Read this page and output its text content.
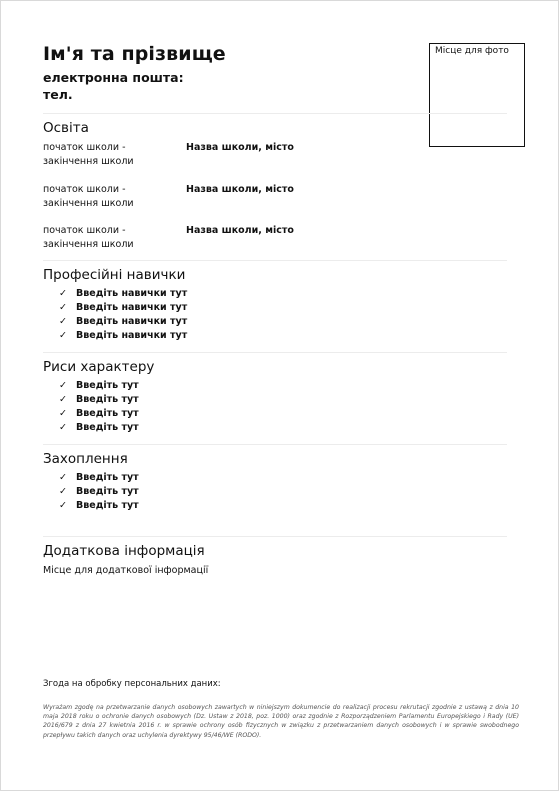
Ім'я та прізвище
електронна пошта:
тел.
Місце для фото
Освіта
початок школи -
закінчення школи
Назва школи, місто
початок школи -
закінчення школи
Назва школи, місто
початок школи -
закінчення школи
Назва школи, місто
Професійні навички
✓ Введіть навички тут
✓ Введіть навички тут
✓ Введіть навички тут
✓ Введіть навички тут
Риси характеру
✓ Введіть тут
✓ Введіть тут
✓ Введіть тут
✓ Введіть тут
Захоплення
✓ Введіть тут
✓ Введіть тут
✓ Введіть тут
Додаткова інформація
Місце для додаткової інформації
Згода на обробку персональних даних:
Wyrażam zgodę na przetwarzanie danych osobowych zawartych w niniejszym dokumencie do realizacji procesu rekrutacji zgodnie z ustawą z dnia 10 maja 2018 roku o ochronie danych osobowych (Dz. Ustaw z 2018, poz. 1000) oraz zgodnie z Rozporządzeniem Parlamentu Europejskiego i Rady (UE) 2016/679 z dnia 27 kwietnia 2016 r. w sprawie ochrony osób fizycznych w związku z przetwarzaniem danych osobowych i w sprawie swobodnego przepływu takich danych oraz uchylenia dyrektywy 95/46/WE (RODO).
